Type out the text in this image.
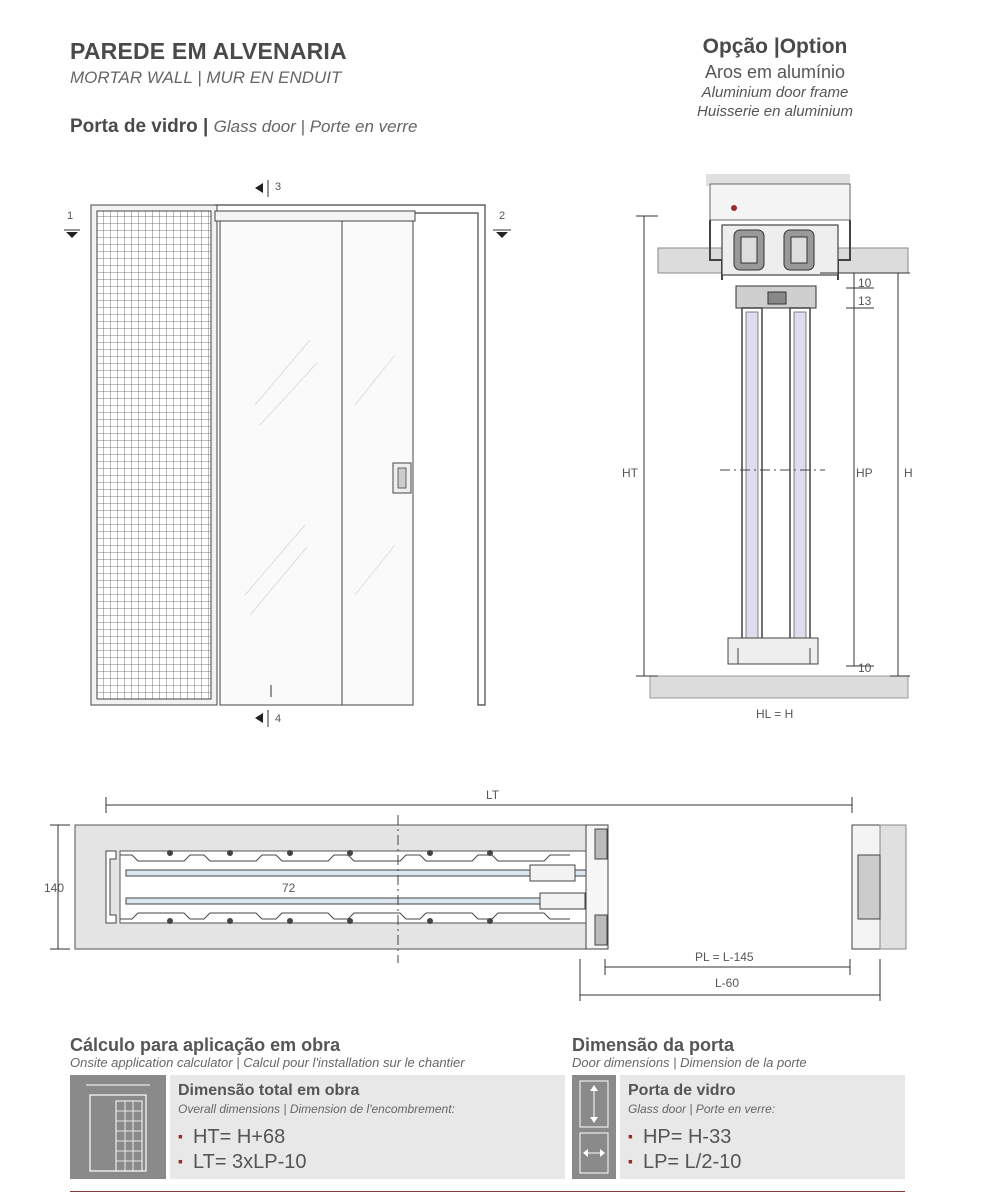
PAREDE EM ALVENARIA
MORTAR WALL | MUR EN ENDUIT
Porta de vidro | Glass door | Porte en verre
Opção |Option
Aros em alumínio
Aluminium door frame
Huisserie en aluminium
1	2
3
4
HT	HP	H
10
13
10
HL = H
LT
140	72
PL = L-145
L-60
Cálculo para aplicação em obra
Onsite application calculator | Calcul pour l'installation sur le chantier
Dimensão total em obra
Overall dimensions | Dimension de l'encombrement:
▪ HT= H+68
▪ LT= 3xLP-10
Dimensão da porta
Door dimensions | Dimension de la porte
Porta de vidro
Glass door | Porte en verre:
▪ HP= H-33
▪ LP= L/2-10
